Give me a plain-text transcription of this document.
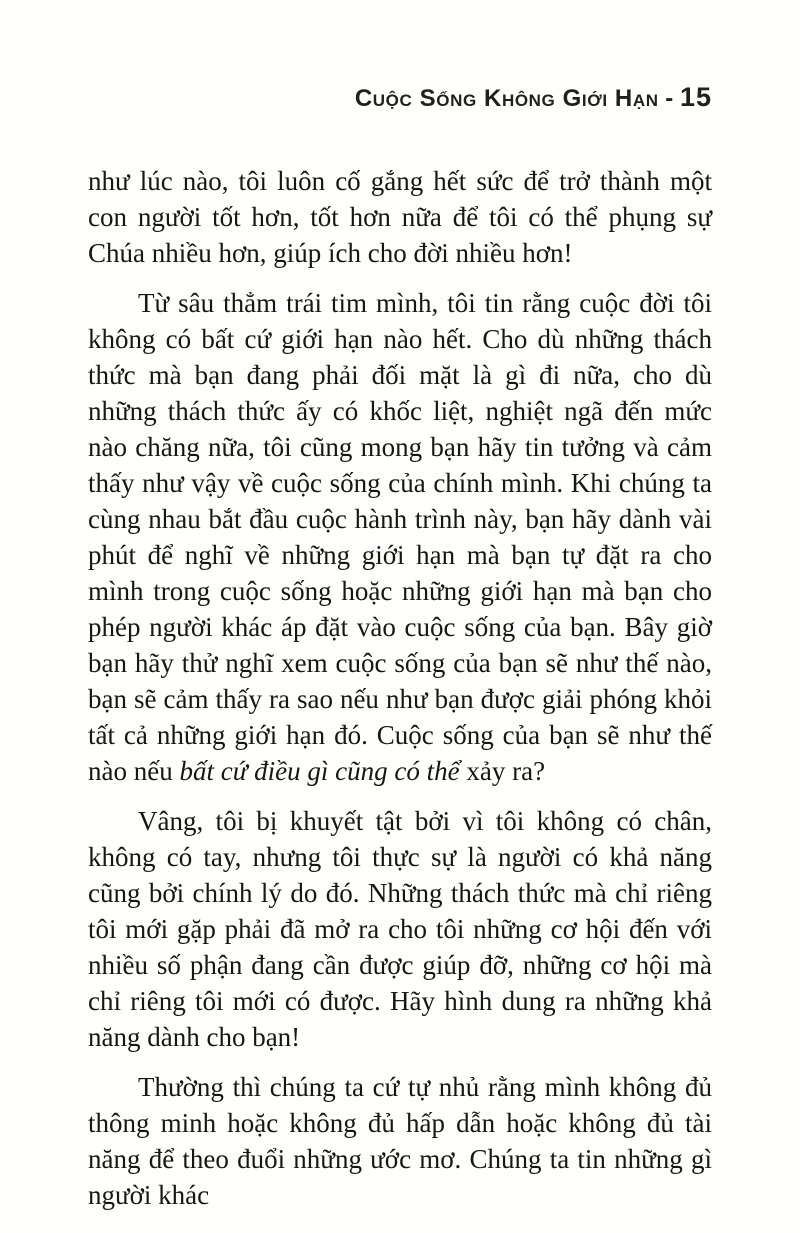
Cuộc Sống Không Giới Hạn - 15

như lúc nào, tôi luôn cố gắng hết sức để trở thành một con người tốt hơn, tốt hơn nữa để tôi có thể phụng sự Chúa nhiều hơn, giúp ích cho đời nhiều hơn!

Từ sâu thẳm trái tim mình, tôi tin rằng cuộc đời tôi không có bất cứ giới hạn nào hết. Cho dù những thách thức mà bạn đang phải đối mặt là gì đi nữa, cho dù những thách thức ấy có khốc liệt, nghiệt ngã đến mức nào chăng nữa, tôi cũng mong bạn hãy tin tưởng và cảm thấy như vậy về cuộc sống của chính mình. Khi chúng ta cùng nhau bắt đầu cuộc hành trình này, bạn hãy dành vài phút để nghĩ về những giới hạn mà bạn tự đặt ra cho mình trong cuộc sống hoặc những giới hạn mà bạn cho phép người khác áp đặt vào cuộc sống của bạn. Bây giờ bạn hãy thử nghĩ xem cuộc sống của bạn sẽ như thế nào, bạn sẽ cảm thấy ra sao nếu như bạn được giải phóng khỏi tất cả những giới hạn đó. Cuộc sống của bạn sẽ như thế nào nếu bất cứ điều gì cũng có thể xảy ra?

Vâng, tôi bị khuyết tật bởi vì tôi không có chân, không có tay, nhưng tôi thực sự là người có khả năng cũng bởi chính lý do đó. Những thách thức mà chỉ riêng tôi mới gặp phải đã mở ra cho tôi những cơ hội đến với nhiều số phận đang cần được giúp đỡ, những cơ hội mà chỉ riêng tôi mới có được. Hãy hình dung ra những khả năng dành cho bạn!

Thường thì chúng ta cứ tự nhủ rằng mình không đủ thông minh hoặc không đủ hấp dẫn hoặc không đủ tài năng để theo đuổi những ước mơ. Chúng ta tin những gì người khác
